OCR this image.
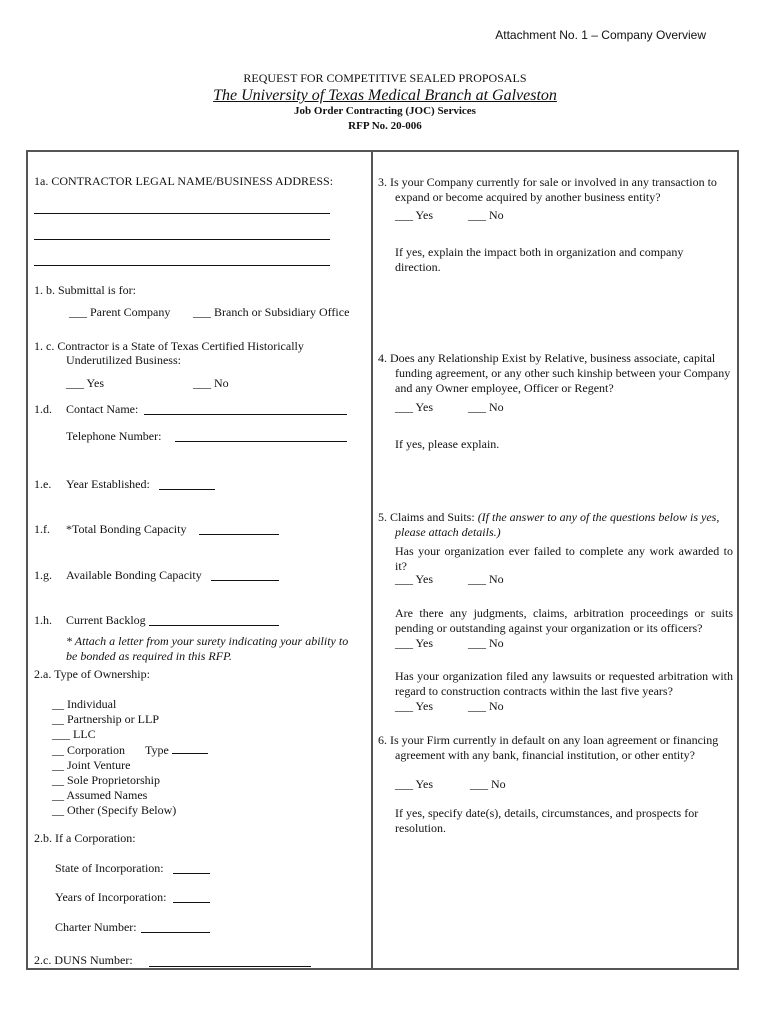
Attachment No. 1 – Company Overview
REQUEST FOR COMPETITIVE SEALED PROPOSALS
The University of Texas Medical Branch at Galveston
Job Order Contracting (JOC) Services
RFP No. 20-006
1a. CONTRACTOR LEGAL NAME/BUSINESS ADDRESS:
1. b. Submittal is for:
___ Parent Company ___ Branch or Subsidiary Office
1. c. Contractor is a State of Texas Certified Historically
Underutilized Business:
___ Yes	___ No
1.d. Contact Name:
Telephone Number:
1.e. Year Established:
1.f. *Total Bonding Capacity
1.g. Available Bonding Capacity
1.h. Current Backlog
* Attach a letter from your surety indicating your ability to be bonded as required in this RFP.
2.a. Type of Ownership:
__ Individual
__ Partnership or LLP
___ LLC
__ Corporation Type
__ Joint Venture
__ Sole Proprietorship
__ Assumed Names
__ Other (Specify Below)
2.b. If a Corporation:
State of Incorporation:
Years of Incorporation:
Charter Number:
2.c. DUNS Number:
3. Is your Company currently for sale or involved in any transaction to expand or become acquired by another business entity?
___ Yes	___ No
If yes, explain the impact both in organization and company direction.
4. Does any Relationship Exist by Relative, business associate, capital funding agreement, or any other such kinship between your Company and any Owner employee, Officer or Regent?
___ Yes	___ No
If yes, please explain.
5. Claims and Suits: (If the answer to any of the questions below is yes, please attach details.)
Has your organization ever failed to complete any work awarded to it?
___ Yes	___ No
Are there any judgments, claims, arbitration proceedings or suits pending or outstanding against your organization or its officers?
___ Yes	___ No
Has your organization filed any lawsuits or requested arbitration with regard to construction contracts within the last five years?
___ Yes	___ No
6. Is your Firm currently in default on any loan agreement or financing agreement with any bank, financial institution, or other entity?
___ Yes	___ No
If yes, specify date(s), details, circumstances, and prospects for resolution.
